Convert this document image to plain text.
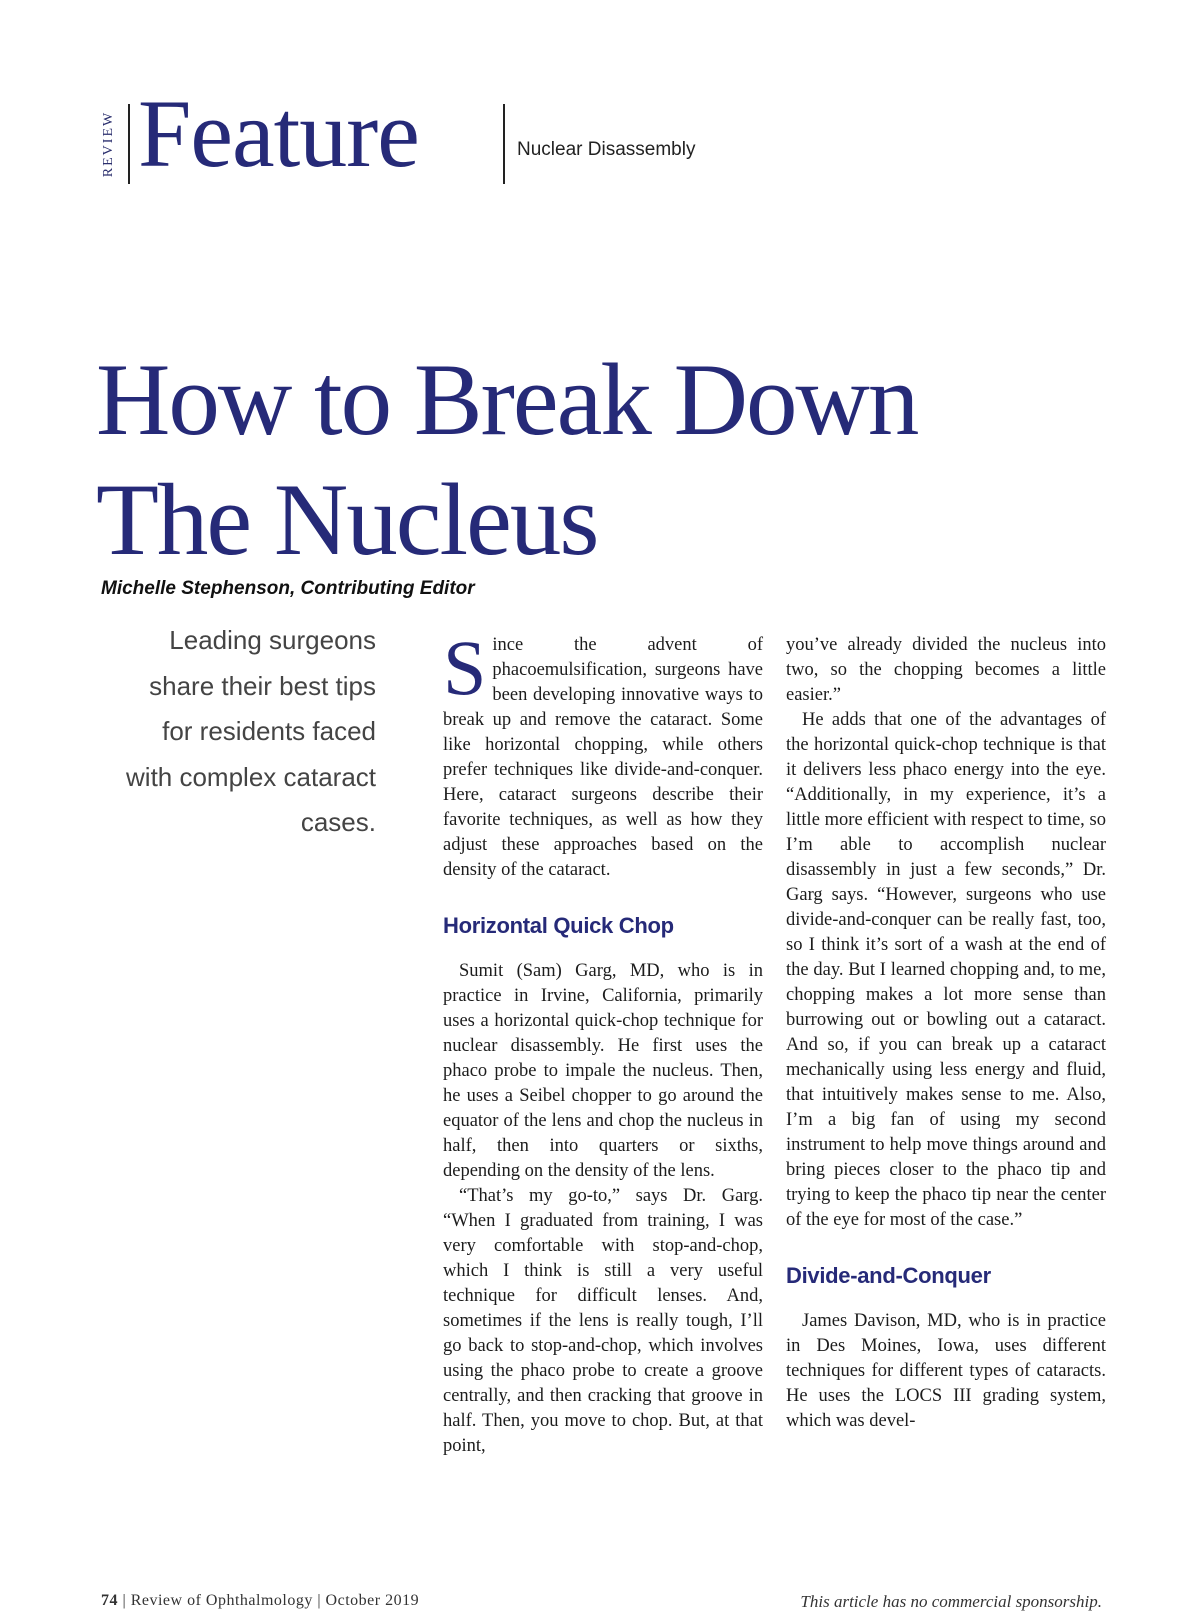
REVIEW Feature	Nuclear Disassembly
How to Break Down
The Nucleus
Michelle Stephenson, Contributing Editor
Leading surgeons share their best tips for residents faced with complex cataract cases.

Since the advent of phacoemulsification, surgeons have been developing innovative ways to break up and remove the cataract. Some like horizontal chopping, while others prefer techniques like divide-and-conquer. Here, cataract surgeons describe their favorite techniques, as well as how they adjust these approaches based on the density of the cataract.

Horizontal Quick Chop

Sumit (Sam) Garg, MD, who is in practice in Irvine, California, primarily uses a horizontal quick-chop technique for nuclear disassembly. He first uses the phaco probe to impale the nucleus. Then, he uses a Seibel chopper to go around the equator of the lens and chop the nucleus in half, then into quarters or sixths, depending on the density of the lens.

“That’s my go-to,” says Dr. Garg. “When I graduated from training, I was very comfortable with stop-and-chop, which I think is still a very useful technique for difficult lenses. And, sometimes if the lens is really tough, I’ll go back to stop-and-chop, which involves using the phaco probe to create a groove centrally, and then cracking that groove in half. Then, you move to chop. But, at that point,

you’ve already divided the nucleus into two, so the chopping becomes a little easier.”

He adds that one of the advantages of the horizontal quick-chop technique is that it delivers less phaco energy into the eye. “Additionally, in my experience, it’s a little more efficient with respect to time, so I’m able to accomplish nuclear disassembly in just a few seconds,” Dr. Garg says. “However, surgeons who use divide-and-conquer can be really fast, too, so I think it’s sort of a wash at the end of the day. But I learned chopping and, to me, chopping makes a lot more sense than burrowing out or bowling out a cataract. And so, if you can break up a cataract mechanically using less energy and fluid, that intuitively makes sense to me. Also, I’m a big fan of using my second instrument to help move things around and bring pieces closer to the phaco tip and trying to keep the phaco tip near the center of the eye for most of the case.”

Divide-and-Conquer

James Davison, MD, who is in practice in Des Moines, Iowa, uses different techniques for different types of cataracts. He uses the LOCS III grading system, which was devel-

74 | Review of Ophthalmology | October 2019	This article has no commercial sponsorship.
